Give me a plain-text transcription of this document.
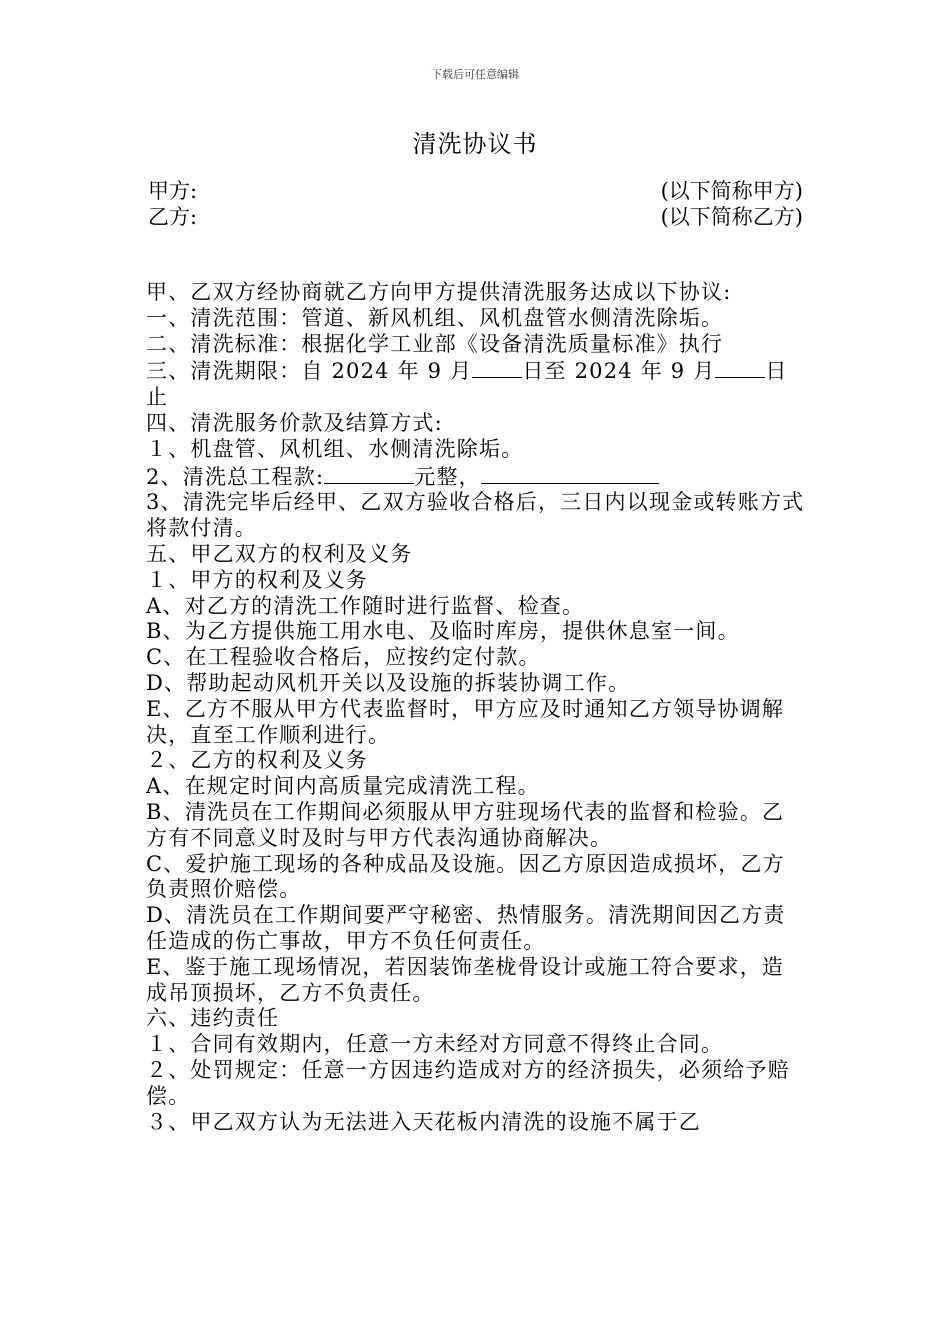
下载后可任意编辑
清洗协议书
甲方:	(以下简称甲方)
乙方:	(以下简称乙方)

甲、乙双方经协商就乙方向甲方提供清洗服务达成以下协议:

一、清洗范围：管道、新风机组、风机盘管水侧清洗除垢。

二、清洗标准：根据化学工业部《设备清洗质量标准》执行

三、清洗期限：自 2024 年 9 月 日至 2024 年 9 月 日止

四、清洗服务价款及结算方式:

１、机盘管、风机组、水侧清洗除垢。

2、清洗总工程款:	元整，

3、清洗完毕后经甲、乙双方验收合格后，三日内以现金或转账方式将款付清。

五、甲乙双方的权利及义务

１、甲方的权利及义务

A、对乙方的清洗工作随时进行监督、检查。

B、为乙方提供施工用水电、及临时库房，提供休息室一间。

C、在工程验收合格后，应按约定付款。

D、帮助起动风机开关以及设施的拆装协调工作。

E、乙方不服从甲方代表监督时，甲方应及时通知乙方领导协调解决，直至工作顺利进行。

２、乙方的权利及义务

A、在规定时间内高质量完成清洗工程。

B、清洗员在工作期间必须服从甲方驻现场代表的监督和检验。乙方有不同意义时及时与甲方代表沟通协商解决。

C、爱护施工现场的各种成品及设施。因乙方原因造成损坏，乙方负责照价赔偿。

D、清洗员在工作期间要严守秘密、热情服务。清洗期间因乙方责任造成的伤亡事故，甲方不负任何责任。

E、鉴于施工现场情况，若因装饰垄栊骨设计或施工符合要求，造成吊顶损坏，乙方不负责任。

六、违约责任

１、合同有效期内，任意一方未经对方同意不得终止合同。

２、处罚规定：任意一方因违约造成对方的经济损失，必须给予赔偿。

３、甲乙双方认为无法进入天花板内清洗的设施不属于乙
